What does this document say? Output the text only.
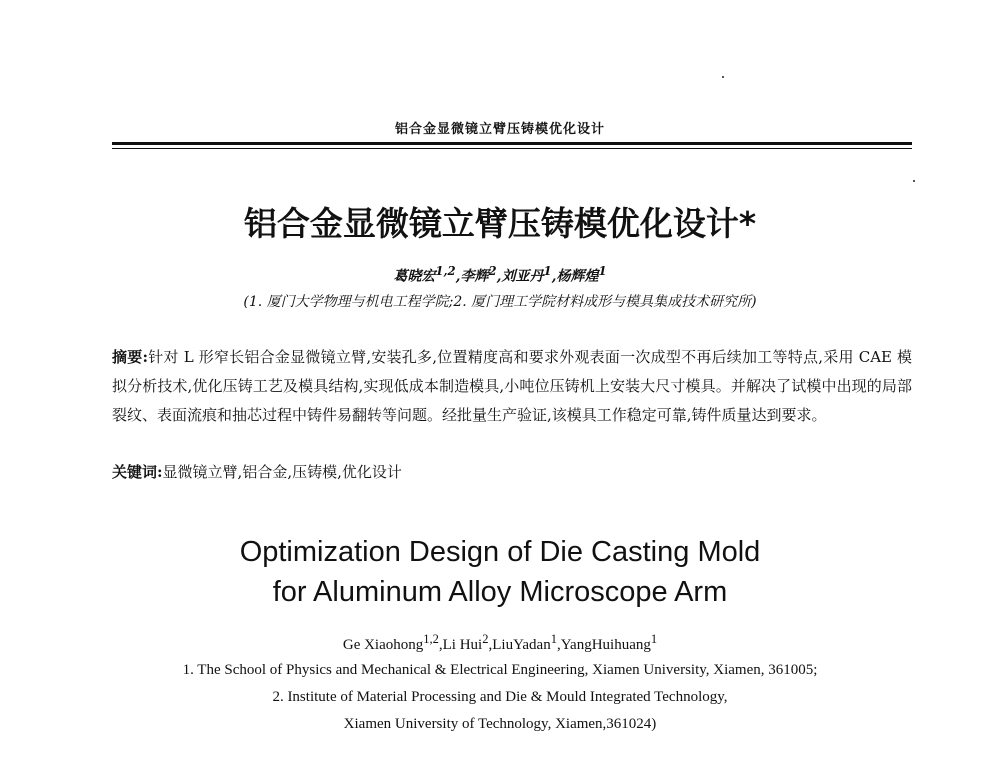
铝合金显微镜立臂压铸模优化设计
铝合金显微镜立臂压铸模优化设计*
葛晓宏$^{1,2}$,李辉$^2$,刘亚丹$^1$,杨辉煌$^1$
(1. 厦门大学物理与机电工程学院;2. 厦门理工学院材料成形与模具集成技术研究所)
摘要:针对 L 形窄长铝合金显微镜立臂,安装孔多,位置精度高和要求外观表面一次成型不再后续加工等特点,采用 CAE 模拟分析技术,优化压铸工艺及模具结构,实现低成本制造模具,小吨位压铸机上安装大尺寸模具。并解决了试模中出现的局部裂纹、表面流痕和抽芯过程中铸件易翻转等问题。经批量生产验证,该模具工作稳定可靠,铸件质量达到要求。
关键词:显微镜立臂,铝合金,压铸模,优化设计
Optimization Design of Die Casting Mold
for Aluminum Alloy Microscope Arm
Ge Xiaohong$^{1,2}$,Li Hui$^2$,LiuYadan$^1$,YangHuihuang$^1$
1. The School of Physics and Mechanical & Electrical Engineering, Xiamen University, Xiamen, 361005;
2. Institute of Material Processing and Die & Mould Integrated Technology,
Xiamen University of Technology, Xiamen,361024)
